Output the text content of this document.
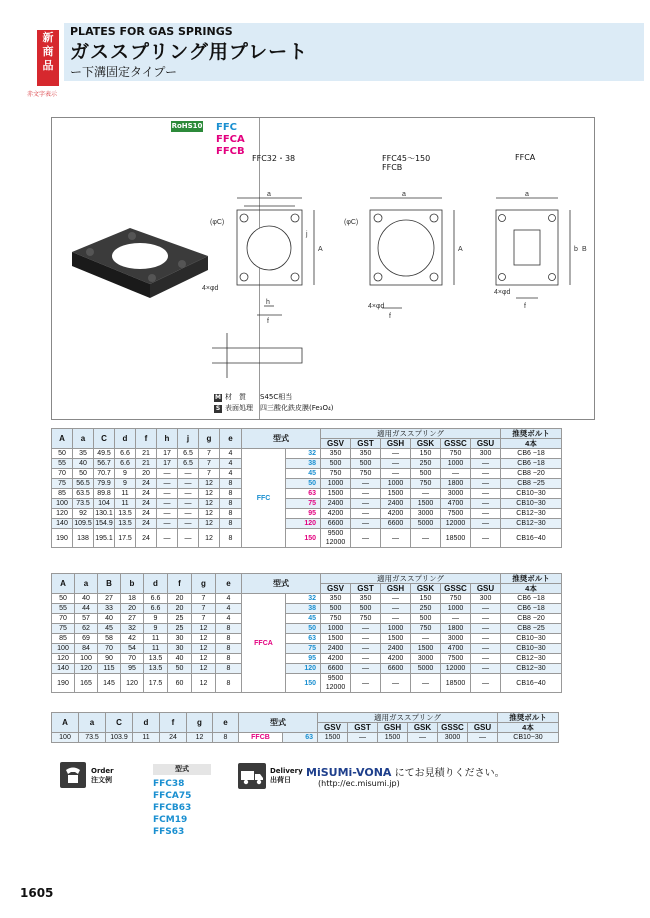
新
商
品
赤文字表示
PLATES FOR GAS SPRINGS
ガススプリング用プレート
ー下溝固定タイプー
RoHS10 FFC
FFCA
FFCB
FFC32・38	FFC45～150
FFCB
FFCA
a
A
(φC)
4×φd
h
f
j
a
A
(φC)
4×φd
f
a
b B
4×φd
f
M 材　質　　 S45C相当
S 表面処理　 四三酸化鉄皮膜(Fe₃O₄)
A	a	C	d	f	h	j	g	e	型式		適用ガススプリング						推奨ボルト
											GSV	GST	GSH	GSK	GSSC	GSU	4本
50	35	49.5	6.6	21	17	6.5	7	4	FFC	32	350	350	—	150	750	300	CB6 −18
55	40	56.7	6.6	21	17	6.5	7	4		38	500	500	—	250	1000	—	CB6 −18
70	50	70.7	9	20	—	—	7	4		45	750	750	—	500	—	—	CB8 −20
75	56.5	79.9	9	24	—	—	12	8		50	1000	—	1000	750	1800	—	CB8 −25
85	63.5	89.8	11	24	—	—	12	8		63	1500	—	1500	—	3000	—	CB10−30
100	73.5	104	11	24	—	—	12	8		75	2400	—	2400	1500	4700	—	CB10−30
120	92	130.1	13.5	24	—	—	12	8		95	4200	—	4200	3000	7500	—	CB12−30
140	109.5	154.9	13.5	24	—	—	12	8		120	6600	—	6600	5000	12000	—	CB12−30
190	138	195.1	17.5	24	—	—	12	8		150	9500
12000	—	—	—	18500	—	CB16−40
A	a	B	b	d	f	g	e	型式		適用ガススプリング						推奨ボルト
										GSV	GST	GSH	GSK	GSSC	GSU	4本
50	40	27	18	6.6	20	7	4	FFCA	32	350	350	—	150	750	300	CB6 −18
55	44	33	20	6.6	20	7	4		38	500	500	—	250	1000	—	CB6 −18
70	57	40	27	9	25	7	4		45	750	750	—	500	—	—	CB8 −20
75	62	45	32	9	25	12	8		50	1000	—	1000	750	1800	—	CB8 −25
85	69	58	42	11	30	12	8		63	1500	—	1500	—	3000	—	CB10−30
100	84	70	54	11	30	12	8		75	2400	—	2400	1500	4700	—	CB10−30
120	100	90	70	13.5	40	12	8		95	4200	—	4200	3000	7500	—	CB12−30
140	120	115	95	13.5	50	12	8		120	6600	—	6600	5000	12000	—	CB12−30
190	165	145	120	17.5	60	12	8		150	9500
12000	—	—	—	18500	—	CB16−40
A	a	C	d	f	g	e	型式		適用ガススプリング						推奨ボルト
									GSV	GST	GSH	GSK	GSSC	GSU	4本
100	73.5	103.9	11	24	12	8	FFCB	63	1500	—	1500	—	3000	—	CB10−30
Order
注文例
型式
FFC38
FFCA75
FFCB63
FCM19
FFS63
Delivery
出荷日
MiSUMi-VONA にてお見積りください。
(http://ec.misumi.jp)
1605
